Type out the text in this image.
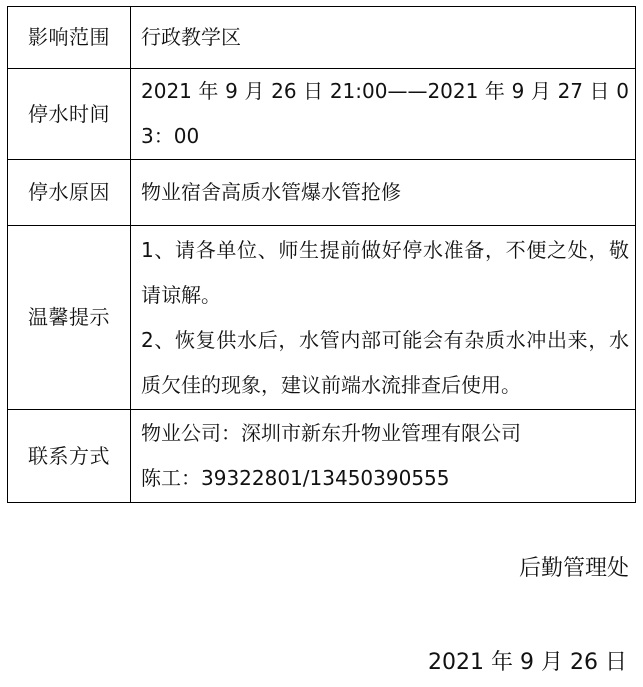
影响范围	行政教学区
停水时间	2021 年 9 月 26 日 21:00——2021 年 9 月 27 日 03：00
停水原因	物业宿舍高质水管爆水管抢修
温馨提示	1、请各单位、师生提前做好停水准备，不便之处，敬请谅解。
2、恢复供水后，水管内部可能会有杂质水冲出来，水质欠佳的现象，建议前端水流排查后使用。

联系方式	物业公司：深圳市新东升物业管理有限公司
陈工：39322801/13450390555
后勤管理处
2021 年 9 月 26 日
